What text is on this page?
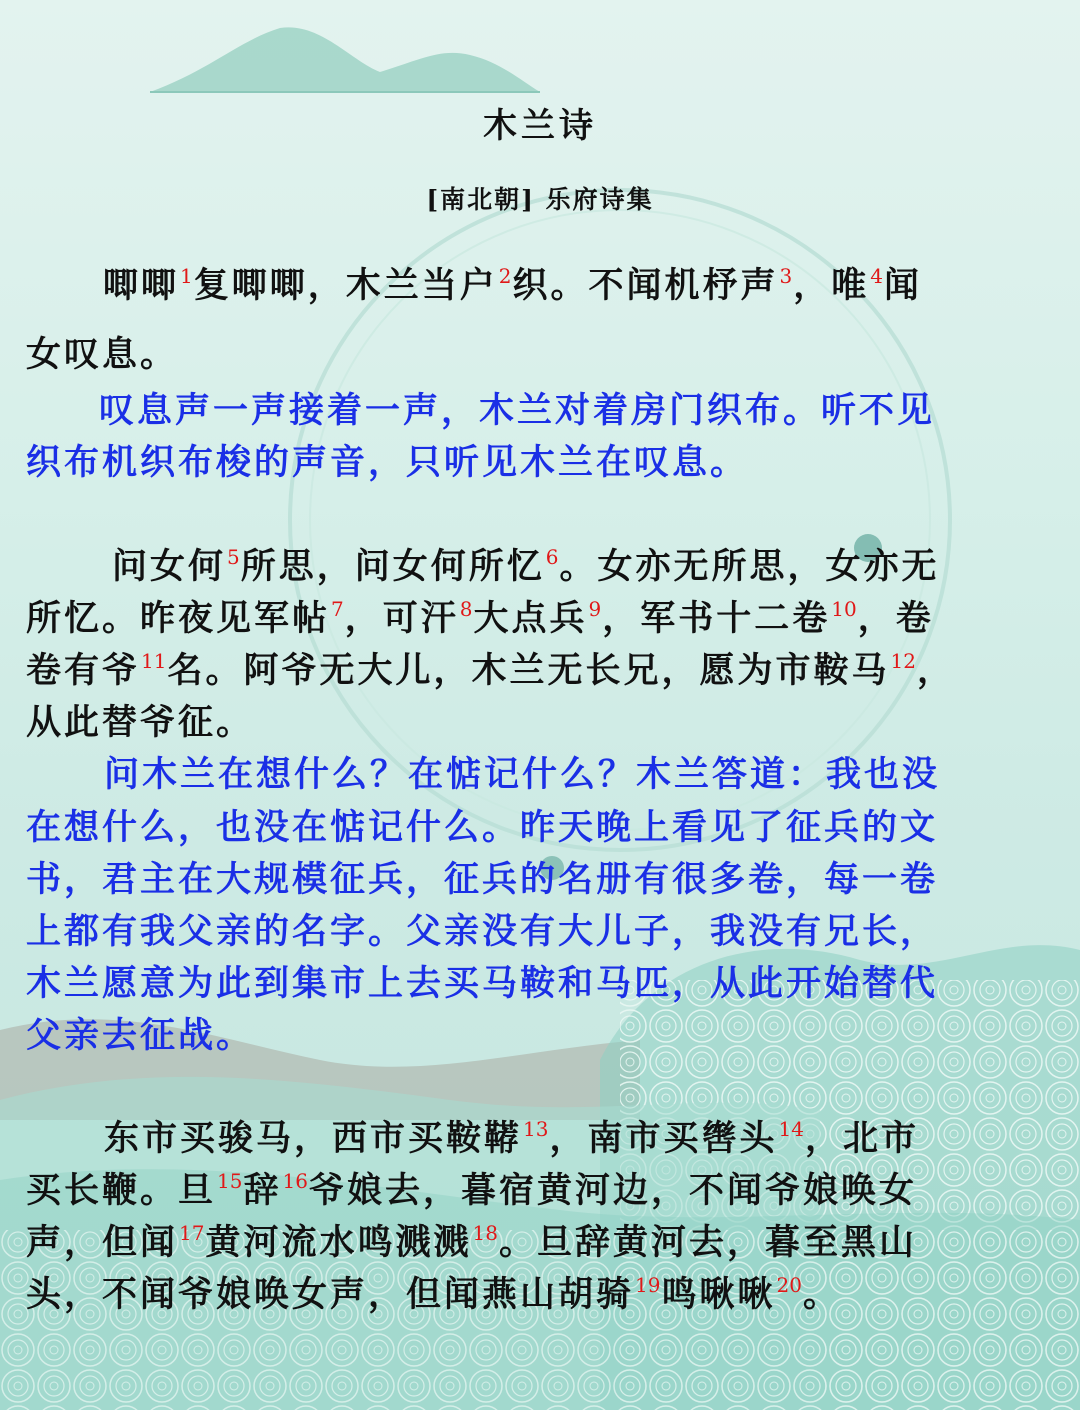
木兰诗
[南北朝] 乐府诗集
唧唧$^1$复唧唧，木兰当户$^2$织。不闻机杼声$^3$，唯$^4$闻
女叹息。
叹息声一声接着一声，木兰对着房门织布。听不见
织布机织布梭的声音，只听见木兰在叹息。
问女何$^5$所思，问女何所忆$^6$。女亦无所思，女亦无
所忆。昨夜见军帖$^7$，可汗$^8$大点兵$^9$，军书十二卷$^{10}$，卷
卷有爷$^{11}$名。阿爷无大儿，木兰无长兄，愿为市鞍马$^{12}$，
从此替爷征。
问木兰在想什么？在惦记什么？木兰答道：我也没
在想什么，也没在惦记什么。昨天晚上看见了征兵的文
书，君主在大规模征兵，征兵的名册有很多卷，每一卷
上都有我父亲的名字。父亲没有大儿子，我没有兄长，
木兰愿意为此到集市上去买马鞍和马匹，从此开始替代
父亲去征战。
东市买骏马，西市买鞍鞯$^{13}$，南市买辔头$^{14}$，北市
买长鞭。旦$^{15}$辞$^{16}$爷娘去，暮宿黄河边，不闻爷娘唤女
声，但闻$^{17}$黄河流水鸣溅溅$^{18}$。旦辞黄河去，暮至黑山
头，不闻爷娘唤女声，但闻燕山胡骑$^{19}$鸣啾啾$^{20}$。
